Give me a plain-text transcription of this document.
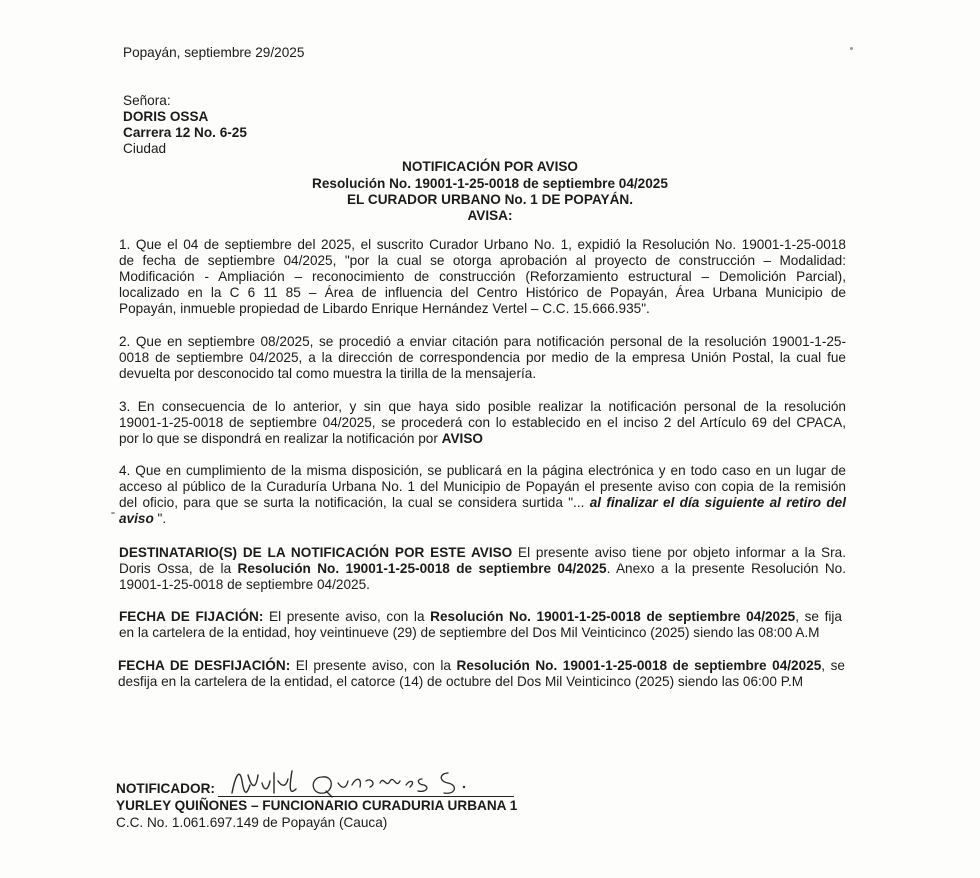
Popayán, septiembre 29/2025
Señora:
DORIS OSSA
Carrera 12 No. 6-25
Ciudad
NOTIFICACIÓN POR AVISO
Resolución No. 19001-1-25-0018 de septiembre 04/2025
EL CURADOR URBANO No. 1 DE POPAYÁN.
AVISA:
1. Que el 04 de septiembre del 2025, el suscrito Curador Urbano No. 1, expidió la Resolución No. 19001-1-25-0018
de fecha de septiembre 04/2025, "por la cual se otorga aprobación al proyecto de construcción – Modalidad:
Modificación - Ampliación – reconocimiento de construcción (Reforzamiento estructural – Demolición Parcial),
localizado en la C 6 11 85 – Área de influencia del Centro Histórico de Popayán, Área Urbana Municipio de
Popayán, inmueble propiedad de Libardo Enrique Hernández Vertel – C.C. 15.666.935".
2. Que en septiembre 08/2025, se procedió a enviar citación para notificación personal de la resolución 19001-1-25-
0018 de septiembre 04/2025, a la dirección de correspondencia por medio de la empresa Unión Postal, la cual fue
devuelta por desconocido tal como muestra la tirilla de la mensajería.
3. En consecuencia de lo anterior, y sin que haya sido posible realizar la notificación personal de la resolución
19001-1-25-0018 de septiembre 04/2025, se procederá con lo establecido en el inciso 2 del Artículo 69 del CPACA,
por lo que se dispondrá en realizar la notificación por AVISO
4. Que en cumplimiento de la misma disposición, se publicará en la página electrónica y en todo caso en un lugar de
acceso al público de la Curaduría Urbana No. 1 del Municipio de Popayán el presente aviso con copia de la remisión
del oficio, para que se surta la notificación, la cual se considera surtida "... al finalizar el día siguiente al retiro del
aviso ".
DESTINATARIO(S) DE LA NOTIFICACIÓN POR ESTE AVISO El presente aviso tiene por objeto informar a la Sra.
Doris Ossa, de la Resolución No. 19001-1-25-0018 de septiembre 04/2025. Anexo a la presente Resolución No.
19001-1-25-0018 de septiembre 04/2025.
FECHA DE FIJACIÓN: El presente aviso, con la Resolución No. 19001-1-25-0018 de septiembre 04/2025, se fija
en la cartelera de la entidad, hoy veintinueve (29) de septiembre del Dos Mil Veinticinco (2025) siendo las 08:00 A.M
FECHA DE DESFIJACIÓN: El presente aviso, con la Resolución No. 19001-1-25-0018 de septiembre 04/2025, se
desfija en la cartelera de la entidad, el catorce (14) de octubre del Dos Mil Veinticinco (2025) siendo las 06:00 P.M
NOTIFICADOR:
YURLEY QUIÑONES – FUNCIONARIO CURADURIA URBANA 1
C.C. No. 1.061.697.149 de Popayán (Cauca)
